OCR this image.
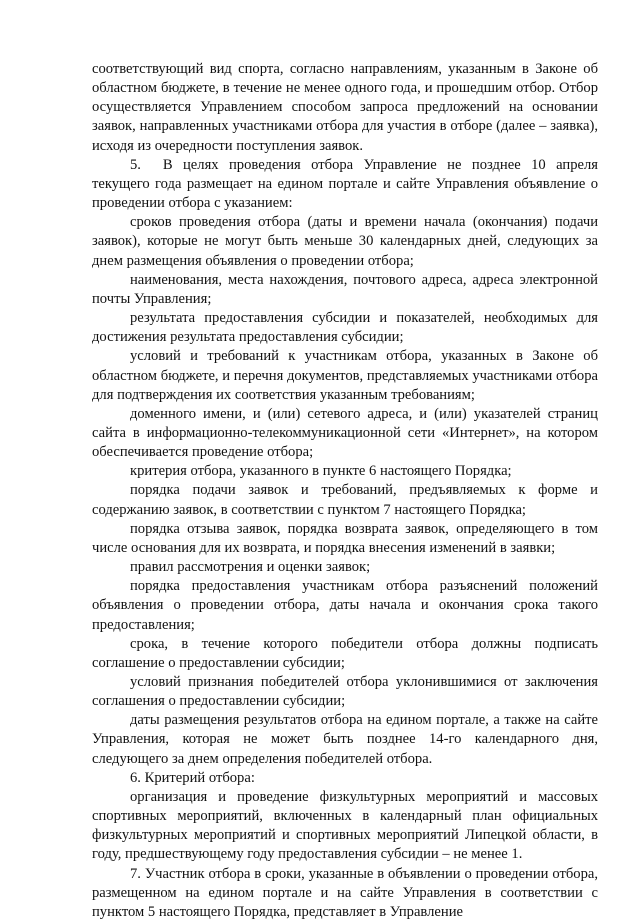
соответствующий вид спорта, согласно направлениям, указанным в Законе об областном бюджете, в течение не менее одного года, и прошедшим отбор. Отбор осуществляется Управлением способом запроса предложений на основании заявок, направленных участниками отбора для участия в отборе (далее – заявка), исходя из очередности поступления заявок.

5.  В целях проведения отбора Управление не позднее 10 апреля текущего года размещает на едином портале и сайте Управления объявление о проведении отбора с указанием:

сроков проведения отбора (даты и времени начала (окончания) подачи заявок), которые не могут быть меньше 30 календарных дней, следующих за днем размещения объявления о проведении отбора;

наименования, места нахождения, почтового адреса, адреса электронной почты Управления;

результата предоставления субсидии и показателей, необходимых для достижения результата предоставления субсидии;

условий и требований к участникам отбора, указанных в Законе об областном бюджете, и перечня документов, представляемых участниками отбора для подтверждения их соответствия указанным требованиям;

доменного имени, и (или) сетевого адреса, и (или) указателей страниц сайта в информационно-телекоммуникационной сети «Интернет», на котором обеспечивается проведение отбора;

критерия отбора, указанного в пункте 6 настоящего Порядка;

порядка подачи заявок и требований, предъявляемых к форме и содержанию заявок, в соответствии с пунктом 7 настоящего Порядка;

порядка отзыва заявок, порядка возврата заявок, определяющего в том числе основания для их возврата, и порядка внесения изменений в заявки;

правил рассмотрения и оценки заявок;

порядка предоставления участникам отбора разъяснений положений объявления о проведении отбора, даты начала и окончания срока такого предоставления;

срока, в течение которого победители отбора должны подписать соглашение о предоставлении субсидии;

условий признания победителей отбора уклонившимися от заключения соглашения о предоставлении субсидии;

даты размещения результатов отбора на едином портале, а также на сайте Управления, которая не может быть позднее 14-го календарного дня, следующего за днем определения победителей отбора.

6. Критерий отбора:

организация и проведение физкультурных мероприятий и массовых спортивных мероприятий, включенных в календарный план официальных физкультурных мероприятий и спортивных мероприятий Липецкой области, в году, предшествующему году предоставления субсидии – не менее 1.

7. Участник отбора в сроки, указанные в объявлении о проведении отбора, размещенном на едином портале и на сайте Управления в соответствии с пунктом 5 настоящего Порядка, представляет в Управление
